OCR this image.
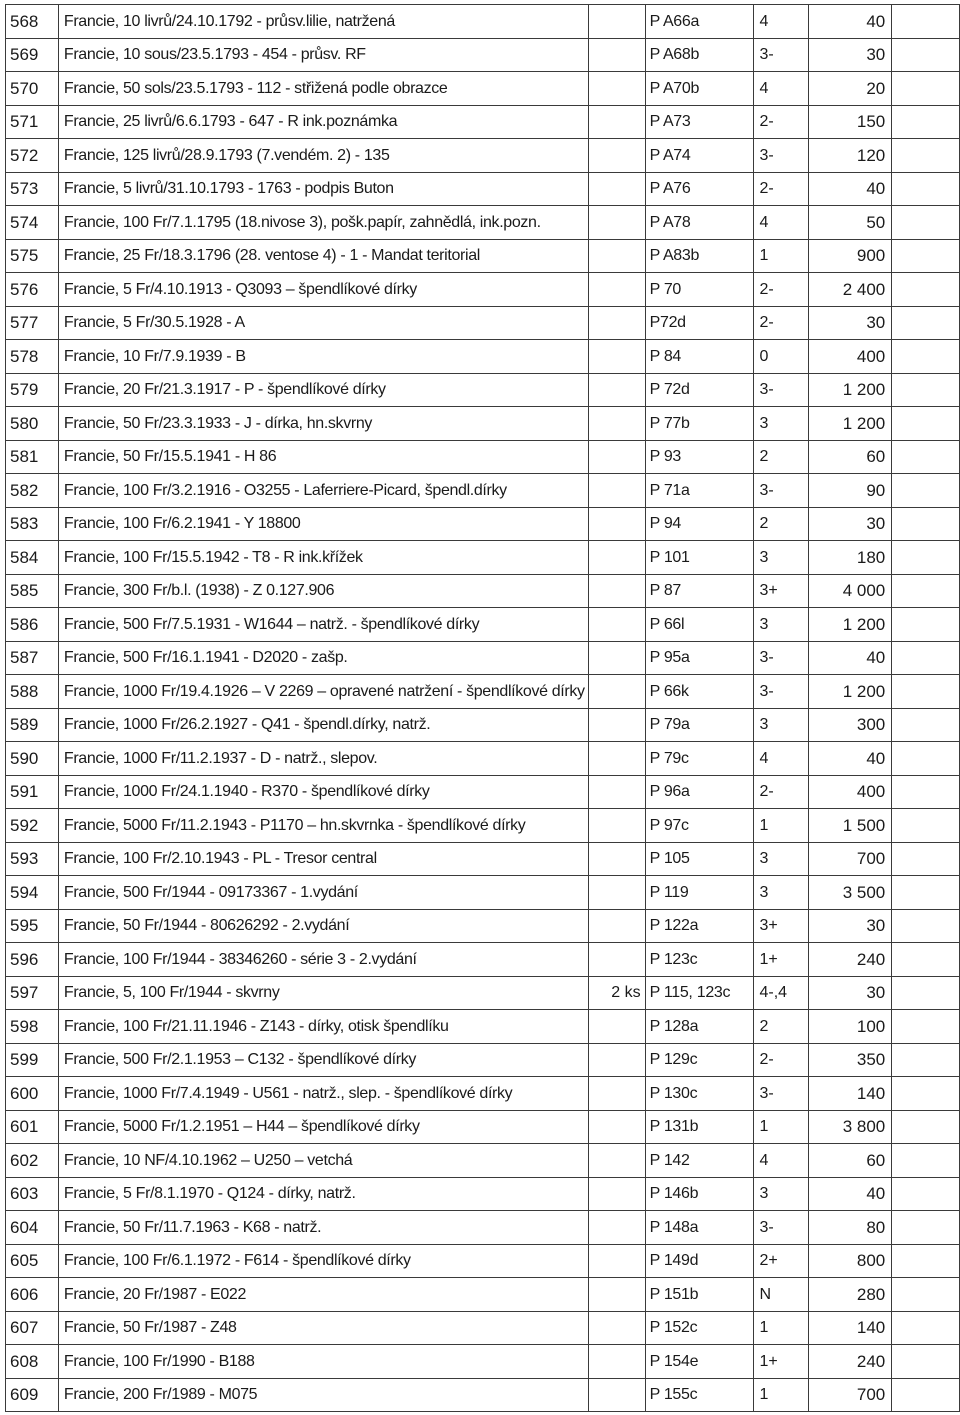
568	Francie, 10 livrů/24.10.1792 - průsv.lilie, natržená		P A66a	4	40	
569	Francie, 10 sous/23.5.1793 - 454 - průsv. RF		P A68b	3-	30	
570	Francie, 50 sols/23.5.1793 - 112 - střižená podle obrazce		P A70b	4	20	
571	Francie, 25 livrů/6.6.1793 - 647 - R ink.poznámka		P A73	2-	150	
572	Francie, 125 livrů/28.9.1793 (7.vendém. 2) - 135		P A74	3-	120	
573	Francie, 5 livrů/31.10.1793 - 1763 - podpis Buton		P A76	2-	40	
574	Francie, 100 Fr/7.1.1795 (18.nivose 3), pošk.papír, zahnědlá, ink.pozn.		P A78	4	50	
575	Francie, 25 Fr/18.3.1796 (28. ventose 4) - 1 - Mandat teritorial		P A83b	1	900	
576	Francie, 5 Fr/4.10.1913 - Q3093 – špendlíkové dírky		P 70	2-	2 400	
577	Francie, 5 Fr/30.5.1928 - A		P72d	2-	30	
578	Francie, 10 Fr/7.9.1939 - B		P 84	0	400	
579	Francie, 20 Fr/21.3.1917 - P - špendlíkové dírky		P 72d	3-	1 200	
580	Francie, 50 Fr/23.3.1933 - J - dírka, hn.skvrny		P 77b	3	1 200	
581	Francie, 50 Fr/15.5.1941 - H 86		P 93	2	60	
582	Francie, 100 Fr/3.2.1916 - O3255 - Laferriere-Picard, špendl.dírky		P 71a	3-	90	
583	Francie, 100 Fr/6.2.1941 - Y 18800		P 94	2	30	
584	Francie, 100 Fr/15.5.1942 - T8 - R ink.křížek		P 101	3	180	
585	Francie, 300 Fr/b.l. (1938) - Z 0.127.906		P 87	3+	4 000	
586	Francie, 500 Fr/7.5.1931 - W1644 – natrž. - špendlíkové dírky		P 66l	3	1 200	
587	Francie, 500 Fr/16.1.1941 - D2020 - zašp.		P 95a	3-	40	
588	Francie, 1000 Fr/19.4.1926 – V 2269 – opravené natržení - špendlíkové dírky		P 66k	3-	1 200	
589	Francie, 1000 Fr/26.2.1927 - Q41 - špendl.dírky, natrž.		P 79a	3	300	
590	Francie, 1000 Fr/11.2.1937 - D - natrž., slepov.		P 79c	4	40	
591	Francie, 1000 Fr/24.1.1940 - R370 - špendlíkové dírky		P 96a	2-	400	
592	Francie, 5000 Fr/11.2.1943 - P1170 – hn.skvrnka - špendlíkové dírky		P 97c	1	1 500	
593	Francie, 100 Fr/2.10.1943 - PL - Tresor central		P 105	3	700	
594	Francie, 500 Fr/1944 - 09173367 - 1.vydání		P 119	3	3 500	
595	Francie, 50 Fr/1944 - 80626292 - 2.vydání		P 122a	3+	30	
596	Francie, 100 Fr/1944 - 38346260 - série 3 - 2.vydání		P 123c	1+	240	
597	Francie, 5, 100 Fr/1944 - skvrny	2 ks	P 115, 123c	4-,4	30	
598	Francie, 100 Fr/21.11.1946 - Z143 - dírky, otisk špendlíku		P 128a	2	100	
599	Francie, 500 Fr/2.1.1953 – C132 - špendlíkové dírky		P 129c	2-	350	
600	Francie, 1000 Fr/7.4.1949 - U561 - natrž., slep. - špendlíkové dírky		P 130c	3-	140	
601	Francie, 5000 Fr/1.2.1951 – H44 – špendlíkové dírky		P 131b	1	3 800	
602	Francie, 10 NF/4.10.1962 – U250 – vetchá		P 142	4	60	
603	Francie, 5 Fr/8.1.1970 - Q124 - dírky, natrž.		P 146b	3	40	
604	Francie, 50 Fr/11.7.1963 - K68 - natrž.		P 148a	3-	80	
605	Francie, 100 Fr/6.1.1972 - F614 - špendlíkové dírky		P 149d	2+	800	
606	Francie, 20 Fr/1987 - E022		P 151b	N	280	
607	Francie, 50 Fr/1987 - Z48		P 152c	1	140	
608	Francie, 100 Fr/1990 - B188		P 154e	1+	240	
609	Francie, 200 Fr/1989 - M075		P 155c	1	700	
